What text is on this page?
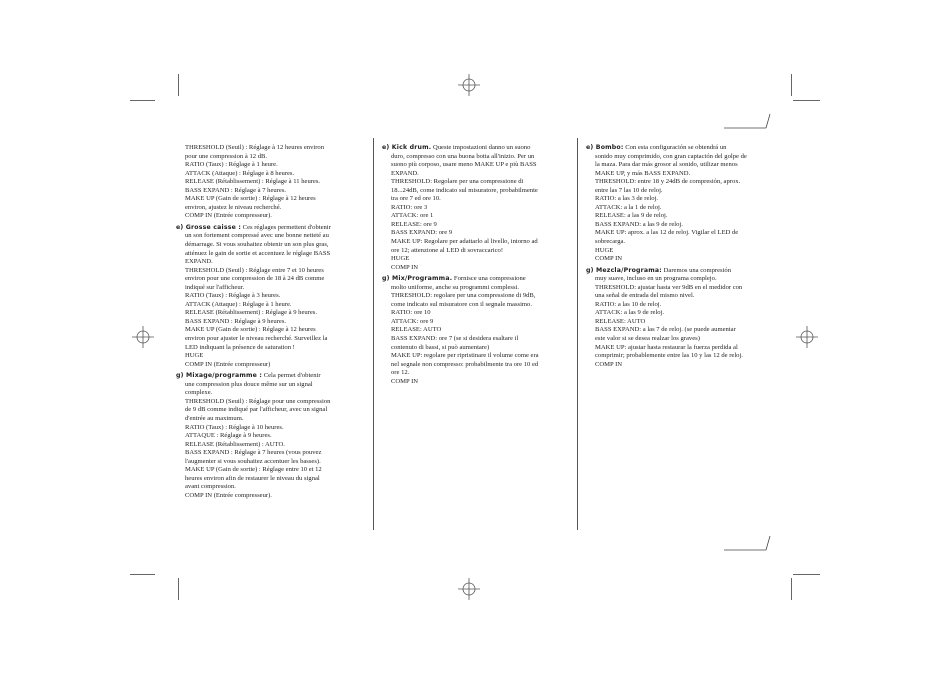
THRESHOLD (Seuil) : Réglage à 12 heures environ

pour une compression à 12 dB.

RATIO (Taux) : Réglage à 1 heure.

ATTACK (Attaque) : Réglage à 8 heures.

RELEASE (Rétablissement) : Réglage à 11 heures.

BASS EXPAND : Réglage à 7 heures.

MAKE UP (Gain de sortie) : Réglage à 12 heures

environ, ajustez le niveau recherché.

COMP IN (Entrée compresseur).

e) Grosse caisse : Ces réglages permettent d'obtenir

un son fortement compressé avec une bonne netteté au

démarrage. Si vous souhaitez obtenir un son plus gras,

atténuez le gain de sortie et accentuez le réglage BASS

EXPAND.

THRESHOLD (Seuil) : Réglage entre 7 et 10 heures

environ pour une compression de 18 à 24 dB comme

indiqué sur l'afficheur.

RATIO (Taux) : Réglage à 3 heures.

ATTACK (Attaque) : Réglage à 1 heure.

RELEASE (Rétablissement) : Réglage à 9 heures.

BASS EXPAND : Réglage à 9 heures.

MAKE UP (Gain de sortie) : Réglage à 12 heures

environ pour ajuster le niveau recherché. Surveillez la

LED indiquant la présence de saturation !

HUGE

COMP IN (Entrée compresseur)

g) Mixage/programme : Cela permet d'obtenir

une compression plus douce même sur un signal

complexe.

THRESHOLD (Seuil) : Réglage pour une compression

de 9 dB comme indiqué par l'afficheur, avec un signal

d'entrée au maximum.

RATIO (Taux) : Réglage à 10 heures.

ATTAQUE : Réglage à 9 heures.

RELEASE (Rétablissement) : AUTO.

BASS EXPAND : Réglage à 7 heures (vous pouvez

l'augmenter si vous souhaitez accentuer les basses).

MAKE UP (Gain de sortie) : Réglage entre 10 et 12

heures environ afin de restaurer le niveau du signal

avant compression.

COMP IN (Entrée compresseur).

e) Kick drum. Queste impostazioni danno un suono

duro, compresso con una buona botta all'inizio. Per un

suono più corposo, usare meno MAKE UP e più BASS

EXPAND.

THRESHOLD: Regolare per una compressione di

18...24dB, come indicato sul misuratore, probabilmente

tra ore 7 ed ore 10.

RATIO: ore 3

ATTACK: ore 1

RELEASE: ore 9

BASS EXPAND: ore 9

MAKE UP: Regolare per adattarlo al livello, intorno ad

ore 12; attenzione al LED di sovraccarico!

HUGE

COMP IN

g) Mix/Programma. Fornisce una compressione

molto uniforme, anche su programmi complessi.

THRESHOLD: regolare per una compressione di 9dB,

come indicato sul misuratore con il segnale massimo.

RATIO: ore 10

ATTACK: ore 9

RELEASE: AUTO

BASS EXPAND: ore 7 (se si desidera esaltare il

contenuto di bassi, si può aumentare)

MAKE UP: regolare per ripristinare il volume come era

nel segnale non compresso: probabilmente tra ore 10 ed

ore 12.

COMP IN

e) Bombo: Con esta configuración se obtendrá un

sonido muy comprimido, con gran captación del golpe de

la maza. Para dar más grosor al sonido, utilizar menos

MAKE UP, y más BASS EXPAND.

THRESHOLD: entre 18 y 24dB de compresión, aprox.

entre las 7 las 10 de reloj.

RATIO: a las 3 de reloj.

ATTACK: a la 1 de reloj.

RELEASE: a las 9 de reloj.

BASS EXPAND: a las 9 de reloj.

MAKE UP: aprox. a las 12 de reloj. Vigilar el LED de

sobrecarga.

HUGE

COMP IN

g) Mezcla/Programa: Daremos una compresión

muy suave, incluso en un programa complejo.

THRESHOLD: ajustar hasta ver 9dB en el medidor con

una señal de entrada del mismo nivel.

RATIO: a las 10 de reloj.

ATTACK: a las 9 de reloj.

RELEASE: AUTO

BASS EXPAND: a las 7 de reloj. (se puede aumentar

este valor si se desea realzar los graves)

MAKE UP: ajustar hasta restaurar la fuerza perdida al

comprimir; probablemente entre las 10 y las 12 de reloj.

COMP IN
